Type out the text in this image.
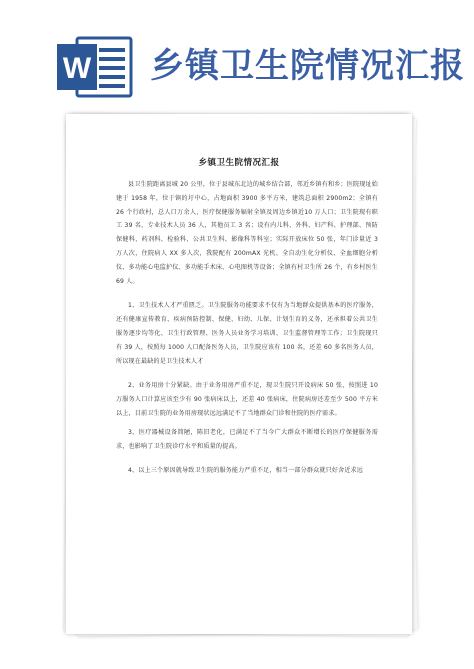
W 乡镇卫生院情况汇报
乡镇卫生院情况汇报

县卫生院距离县城 20 公里，位于县城东北边的城乡结合部，邻近乡镇有和乡；医院现址始建于 1958 年，位于镇的圩中心，占地面积 3900 多平方米，建筑总面积 2900m2；全镇有 26 个行政村，总人口万余人，医疗保健服务辐射全镇及周边乡镇近10 万人口；卫生院现有职工 39 名，专业技术人员 36 人，其他员工 3 名；设有内儿科、外科、妇产科、护理部、预防保健科、药剂科、检验科、公共卫生科、影像科等科室；实际开放床位 50 张，年门诊量近 3 万人次，住院病人 XX 多人次，我院配有 200mAX 光机、全自动生化分析仪、全血细胞分析仪、多功能心电监护仪、多功能手术床、心电图机等设备；全镇有村卫生所 26 个，有乡村医生 69 人。

1、卫生技术人才严重匮乏。卫生院服务功能要求不仅有为当地群众提供基本的医疗服务，还有健康宣传教育、疾病预防控制、保健、妇幼、儿保、计划生育的义务，还承担着公共卫生服务逐步均等化、卫生行政管理、医务人员业务学习培训、卫生监督管理等工作；卫生院现只有 39 人，按照每 1000 人口配备医务人员，卫生院应该有 100 名，还差 60 多名医务人员，所以现在最缺的是卫生技术人才

2、业务用房十分紧缺。由于业务用房严重不足，现卫生院只开设病床 50 张，按照进 10 万服务人口计算应该至少有 90 张病床以上，还差 40 张病床，住院病房还差至少 500 平方米以上，目前卫生院的业务用房现状远远满足不了当地群众门诊和住院的医疗需求。

3、医疗器械设备简陋，陈旧老化，已满足不了当今广大群众不断增长的医疗保健服务需求，也影响了卫生院诊疗水平和质量的提高。

4、以上三个原因就导致卫生院的服务能力严重不足，相当一部分群众就只好舍近求远
